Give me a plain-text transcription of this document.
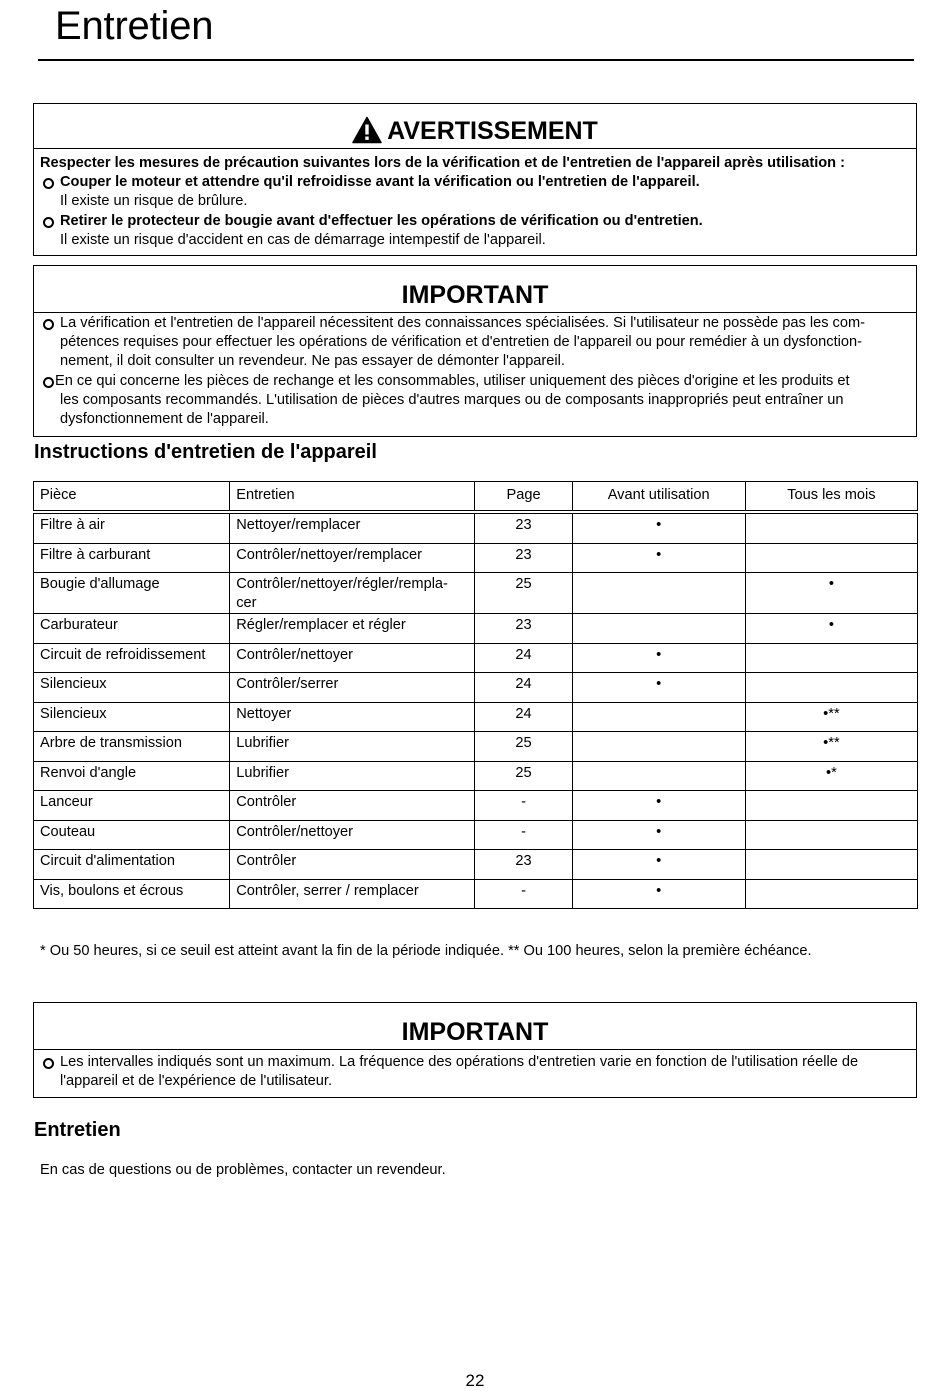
Entretien
AVERTISSEMENT
Respecter les mesures de précaution suivantes lors de la vérification et de l'entretien de l'appareil après utilisation :
Couper le moteur et attendre qu'il refroidisse avant la vérification ou l'entretien de l'appareil.
Il existe un risque de brûlure.
Retirer le protecteur de bougie avant d'effectuer les opérations de vérification ou d'entretien.
Il existe un risque d'accident en cas de démarrage intempestif de l'appareil.
IMPORTANT
La vérification et l'entretien de l'appareil nécessitent des connaissances spécialisées. Si l'utilisateur ne possède pas les com-
pétences requises pour effectuer les opérations de vérification et d'entretien de l'appareil ou pour remédier à un dysfonction-
nement, il doit consulter un revendeur. Ne pas essayer de démonter l'appareil.
En ce qui concerne les pièces de rechange et les consommables, utiliser uniquement des pièces d'origine et les produits et
les composants recommandés. L'utilisation de pièces d'autres marques ou de composants inappropriés peut entraîner un
dysfonctionnement de l'appareil.
Instructions d'entretien de l'appareil
Pièce	Entretien	Page	Avant utilisation	Tous les mois
Filtre à air	Nettoyer/remplacer	23	•	
Filtre à carburant	Contrôler/nettoyer/remplacer	23	•	
Bougie d'allumage	Contrôler/nettoyer/régler/rempla-
cer	25		•
Carburateur	Régler/remplacer et régler	23		•
Circuit de refroidissement	Contrôler/nettoyer	24	•	
Silencieux	Contrôler/serrer	24	•	
Silencieux	Nettoyer	24		•**
Arbre de transmission	Lubrifier	25		•**
Renvoi d'angle	Lubrifier	25		•*
Lanceur	Contrôler	-	•	
Couteau	Contrôler/nettoyer	-	•	
Circuit d'alimentation	Contrôler	23	•	
Vis, boulons et écrous	Contrôler, serrer / remplacer	-	•	

* Ou 50 heures, si ce seuil est atteint avant la fin de la période indiquée. ** Ou 100 heures, selon la première échéance.

IMPORTANT
Les intervalles indiqués sont un maximum. La fréquence des opérations d'entretien varie en fonction de l'utilisation réelle de
l'appareil et de l'expérience de l'utilisateur.
Entretien

En cas de questions ou de problèmes, contacter un revendeur.

22
